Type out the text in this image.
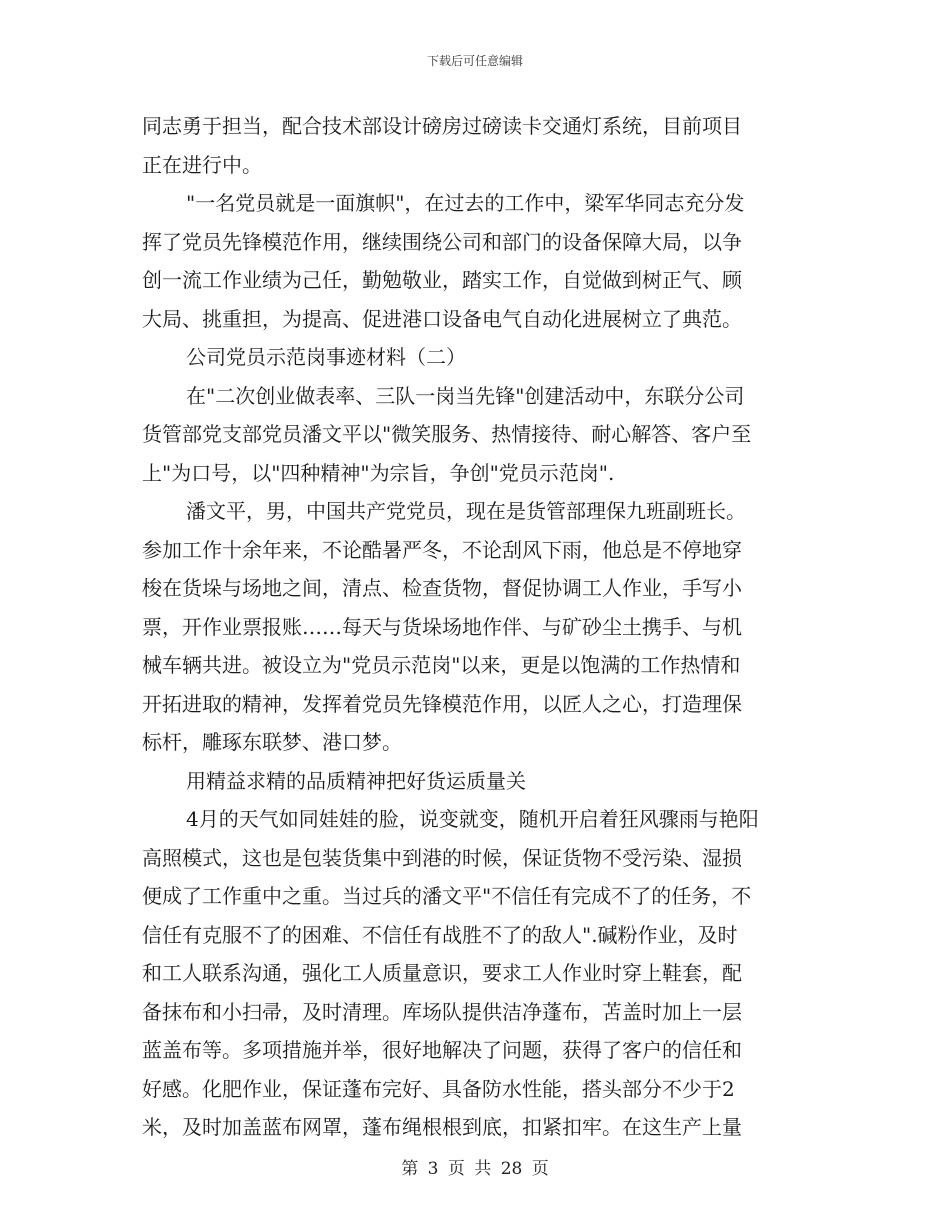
下载后可任意编辑
同志勇于担当，配合技术部设计磅房过磅读卡交通灯系统，目前项目
正在进行中。
"一名党员就是一面旗帜"，在过去的工作中，梁军华同志充分发
挥了党员先锋模范作用，继续围绕公司和部门的设备保障大局，以争
创一流工作业绩为己任，勤勉敬业，踏实工作，自觉做到树正气、顾
大局、挑重担，为提高、促进港口设备电气自动化进展树立了典范。
公司党员示范岗事迹材料（二）
在"二次创业做表率、三队一岗当先锋"创建活动中，东联分公司
货管部党支部党员潘文平以"微笑服务、热情接待、耐心解答、客户至
上"为口号，以"四种精神"为宗旨，争创"党员示范岗".
潘文平，男，中国共产党党员，现在是货管部理保九班副班长。
参加工作十余年来，不论酷暑严冬，不论刮风下雨，他总是不停地穿
梭在货垛与场地之间，清点、检查货物，督促协调工人作业，手写小
票，开作业票报账……每天与货垛场地作伴、与矿砂尘土携手、与机
械车辆共进。被设立为"党员示范岗"以来，更是以饱满的工作热情和
开拓进取的精神，发挥着党员先锋模范作用，以匠人之心，打造理保
标杆，雕琢东联梦、港口梦。
用精益求精的品质精神把好货运质量关
4月的天气如同娃娃的脸，说变就变，随机开启着狂风骤雨与艳阳
高照模式，这也是包装货集中到港的时候，保证货物不受污染、湿损
便成了工作重中之重。当过兵的潘文平"不信任有完成不了的任务，不
信任有克服不了的困难、不信任有战胜不了的敌人".碱粉作业，及时
和工人联系沟通，强化工人质量意识，要求工人作业时穿上鞋套，配
备抹布和小扫帚，及时清理。库场队提供洁净蓬布，苫盖时加上一层
蓝盖布等。多项措施并举，很好地解决了问题，获得了客户的信任和
好感。化肥作业，保证蓬布完好、具备防水性能，搭头部分不少于2
米，及时加盖蓝布网罩，蓬布绳根根到底，扣紧扣牢。在这生产上量
第 3 页 共 28 页
